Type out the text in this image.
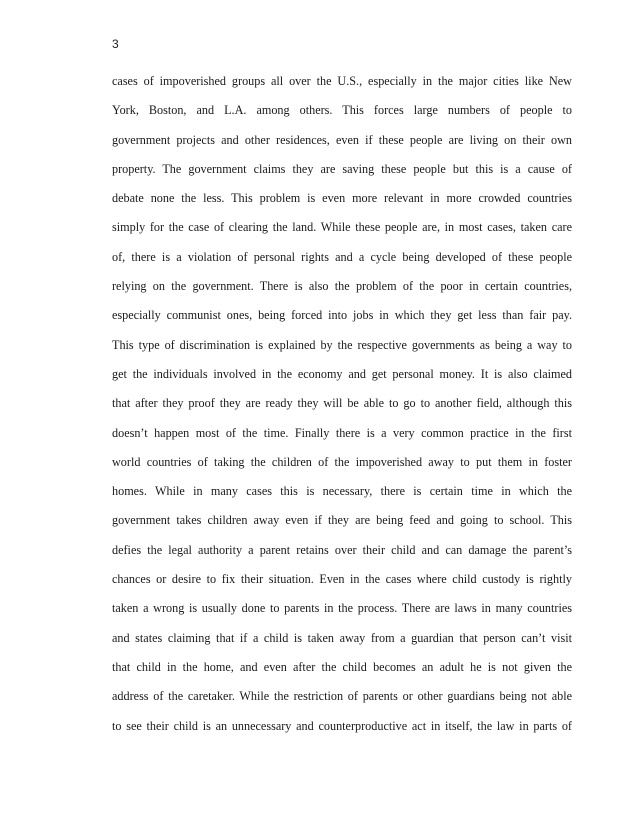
3
cases of impoverished groups all over the U.S., especially in the major cities like New
York, Boston, and L.A. among others. This forces large numbers of people to
government projects and other residences, even if these people are living on their own
property. The government claims they are saving these people but this is a cause of
debate none the less. This problem is even more relevant in more crowded countries
simply for the case of clearing the land. While these people are, in most cases, taken care
of, there is a violation of personal rights and a cycle being developed of these people
relying on the government. There is also the problem of the poor in certain countries,
especially communist ones, being forced into jobs in which they get less than fair pay.
This type of discrimination is explained by the respective governments as being a way to
get the individuals involved in the economy and get personal money. It is also claimed
that after they proof they are ready they will be able to go to another field, although this
doesn’t happen most of the time. Finally there is a very common practice in the first
world countries of taking the children of the impoverished away to put them in foster
homes. While in many cases this is necessary, there is certain time in which the
government takes children away even if they are being feed and going to school. This
defies the legal authority a parent retains over their child and can damage the parent’s
chances or desire to fix their situation. Even in the cases where child custody is rightly
taken a wrong is usually done to parents in the process. There are laws in many countries
and states claiming that if a child is taken away from a guardian that person can’t visit
that child in the home, and even after the child becomes an adult he is not given the
address of the caretaker. While the restriction of parents or other guardians being not able
to see their child is an unnecessary and counterproductive act in itself, the law in parts of
